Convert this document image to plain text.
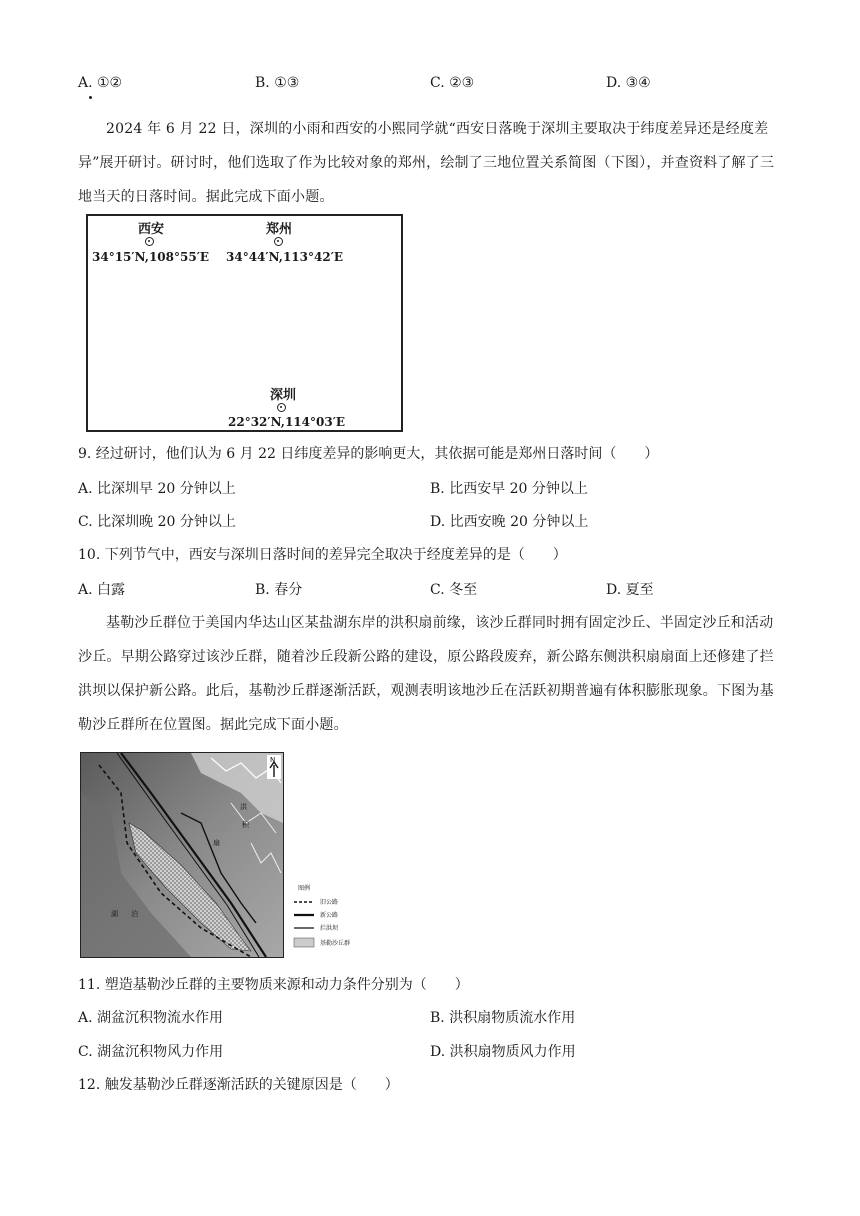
A. ①②	B. ①③	C. ②③	D. ③④
2024 年 6 月 22 日，深圳的小雨和西安的小熙同学就“西安日落晚于深圳主要取决于纬度差异还是经度差异”展开研讨。研讨时，他们选取了作为比较对象的郑州，绘制了三地位置关系简图（下图），并查资料了解了三地当天的日落时间。据此完成下面小题。
西安
34°15′N,108°55′E
郑州
34°44′N,113°42′E
深圳
22°32′N,114°03′E
9. 经过研讨，他们认为 6 月 22 日纬度差异的影响更大，其依据可能是郑州日落时间（　　）
A. 比深圳早 20 分钟以上	B. 比西安早 20 分钟以上
C. 比深圳晚 20 分钟以上	D. 比西安晚 20 分钟以上
10. 下列节气中，西安与深圳日落时间的差异完全取决于经度差异的是（　　）
A. 白露	B. 春分	C. 冬至	D. 夏至
基勒沙丘群位于美国内华达山区某盐湖东岸的洪积扇前缘，该沙丘群同时拥有固定沙丘、半固定沙丘和活动沙丘。早期公路穿过该沙丘群，随着沙丘段新公路的建设，原公路段废弃，新公路东侧洪积扇扇面上还修建了拦洪坝以保护新公路。此后，基勒沙丘群逐渐活跃，观测表明该地沙丘在活跃初期普遍有体积膨胀现象。下图为基勒沙丘群所在位置图。据此完成下面小题。
N
洪
积
扇
湖 泊
图例
旧公路
新公路
拦洪坝
基勒沙丘群
11. 塑造基勒沙丘群的主要物质来源和动力条件分别为（　　）
A. 湖盆沉积物流水作用	B. 洪积扇物质流水作用
C. 湖盆沉积物风力作用	D. 洪积扇物质风力作用
12. 触发基勒沙丘群逐渐活跃的关键原因是（　　）
